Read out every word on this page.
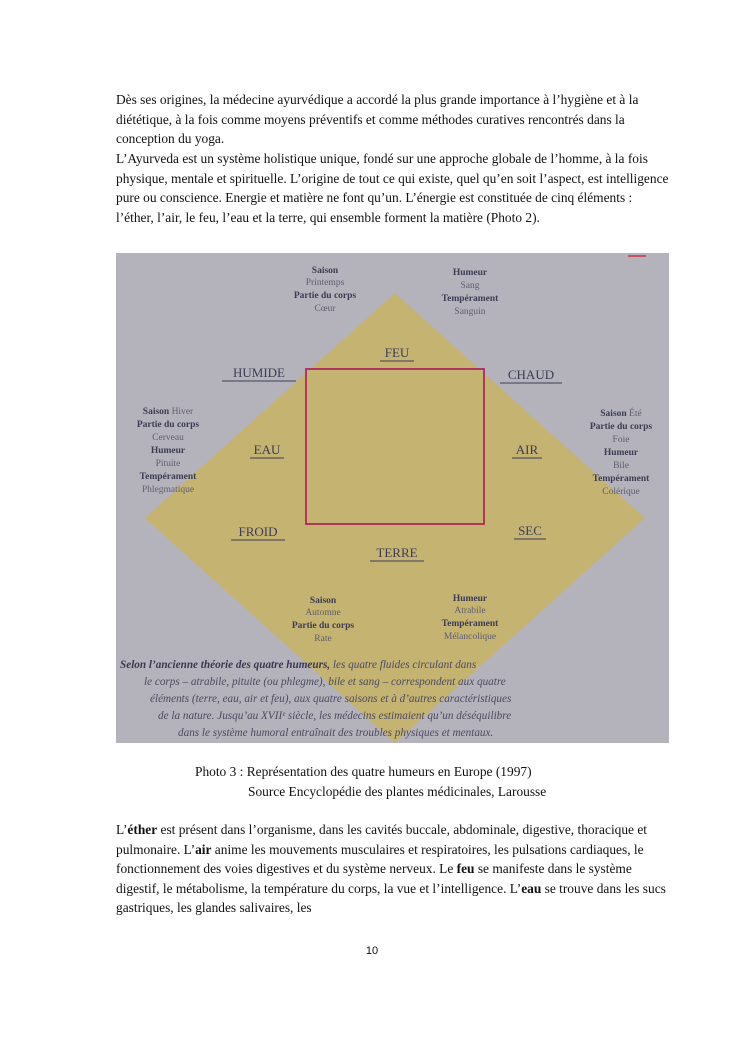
Dès ses origines, la médecine ayurvédique a accordé la plus grande importance à l’hygiène et à la diététique, à la fois comme moyens préventifs et comme méthodes curatives rencontrés dans la conception du yoga.

L’Ayurveda est un système holistique unique, fondé sur une approche globale de l’homme, à la fois physique, mentale et spirituelle. L’origine de tout ce qui existe, quel qu’en soit l’aspect, est intelligence pure ou conscience. Energie et matière ne font qu’un. L’énergie est constituée de cinq éléments : l’éther, l’air, le feu, l’eau et la terre, qui ensemble forment la matière (Photo 2).

FEU
EAU	AIR
TERRE
HUMIDE	CHAUD
FROID	SEC
Saison
Printemps
Partie du corps
Cœur
Humeur
Sang
Tempérament
Sanguin
Saison Hiver
Partie du corps
Cerveau
Humeur
Pituite
Tempérament
Phlegmatique
Saison Été
Partie du corps
Foie
Humeur
Bile
Tempérament
Colérique
Saison
Automne
Partie du corps
Rate
Humeur
Atrabile
Tempérament
Mélancolique
Selon l’ancienne théorie des quatre humeurs, les quatre fluides circulant dans
le corps – atrabile, pituite (ou phlegme), bile et sang – correspondent aux quatre
éléments (terre, eau, air et feu), aux quatre saisons et à d’autres caractéristiques
de la nature. Jusqu’au XVIIᵉ siècle, les médecins estimaient qu’un déséquilibre
dans le système humoral entraînait des troubles physiques et mentaux.
Photo 3 : Représentation des quatre humeurs en Europe (1997)
Source Encyclopédie des plantes médicinales, Larousse

L’éther est présent dans l’organisme, dans les cavités buccale, abdominale, digestive, thoracique et pulmonaire. L’air anime les mouvements musculaires et respiratoires, les pulsations cardiaques, le fonctionnement des voies digestives et du système nerveux. Le feu se manifeste dans le système digestif, le métabolisme, la température du corps, la vue et l’intelligence. L’eau se trouve dans les sucs gastriques, les glandes salivaires, les

10
